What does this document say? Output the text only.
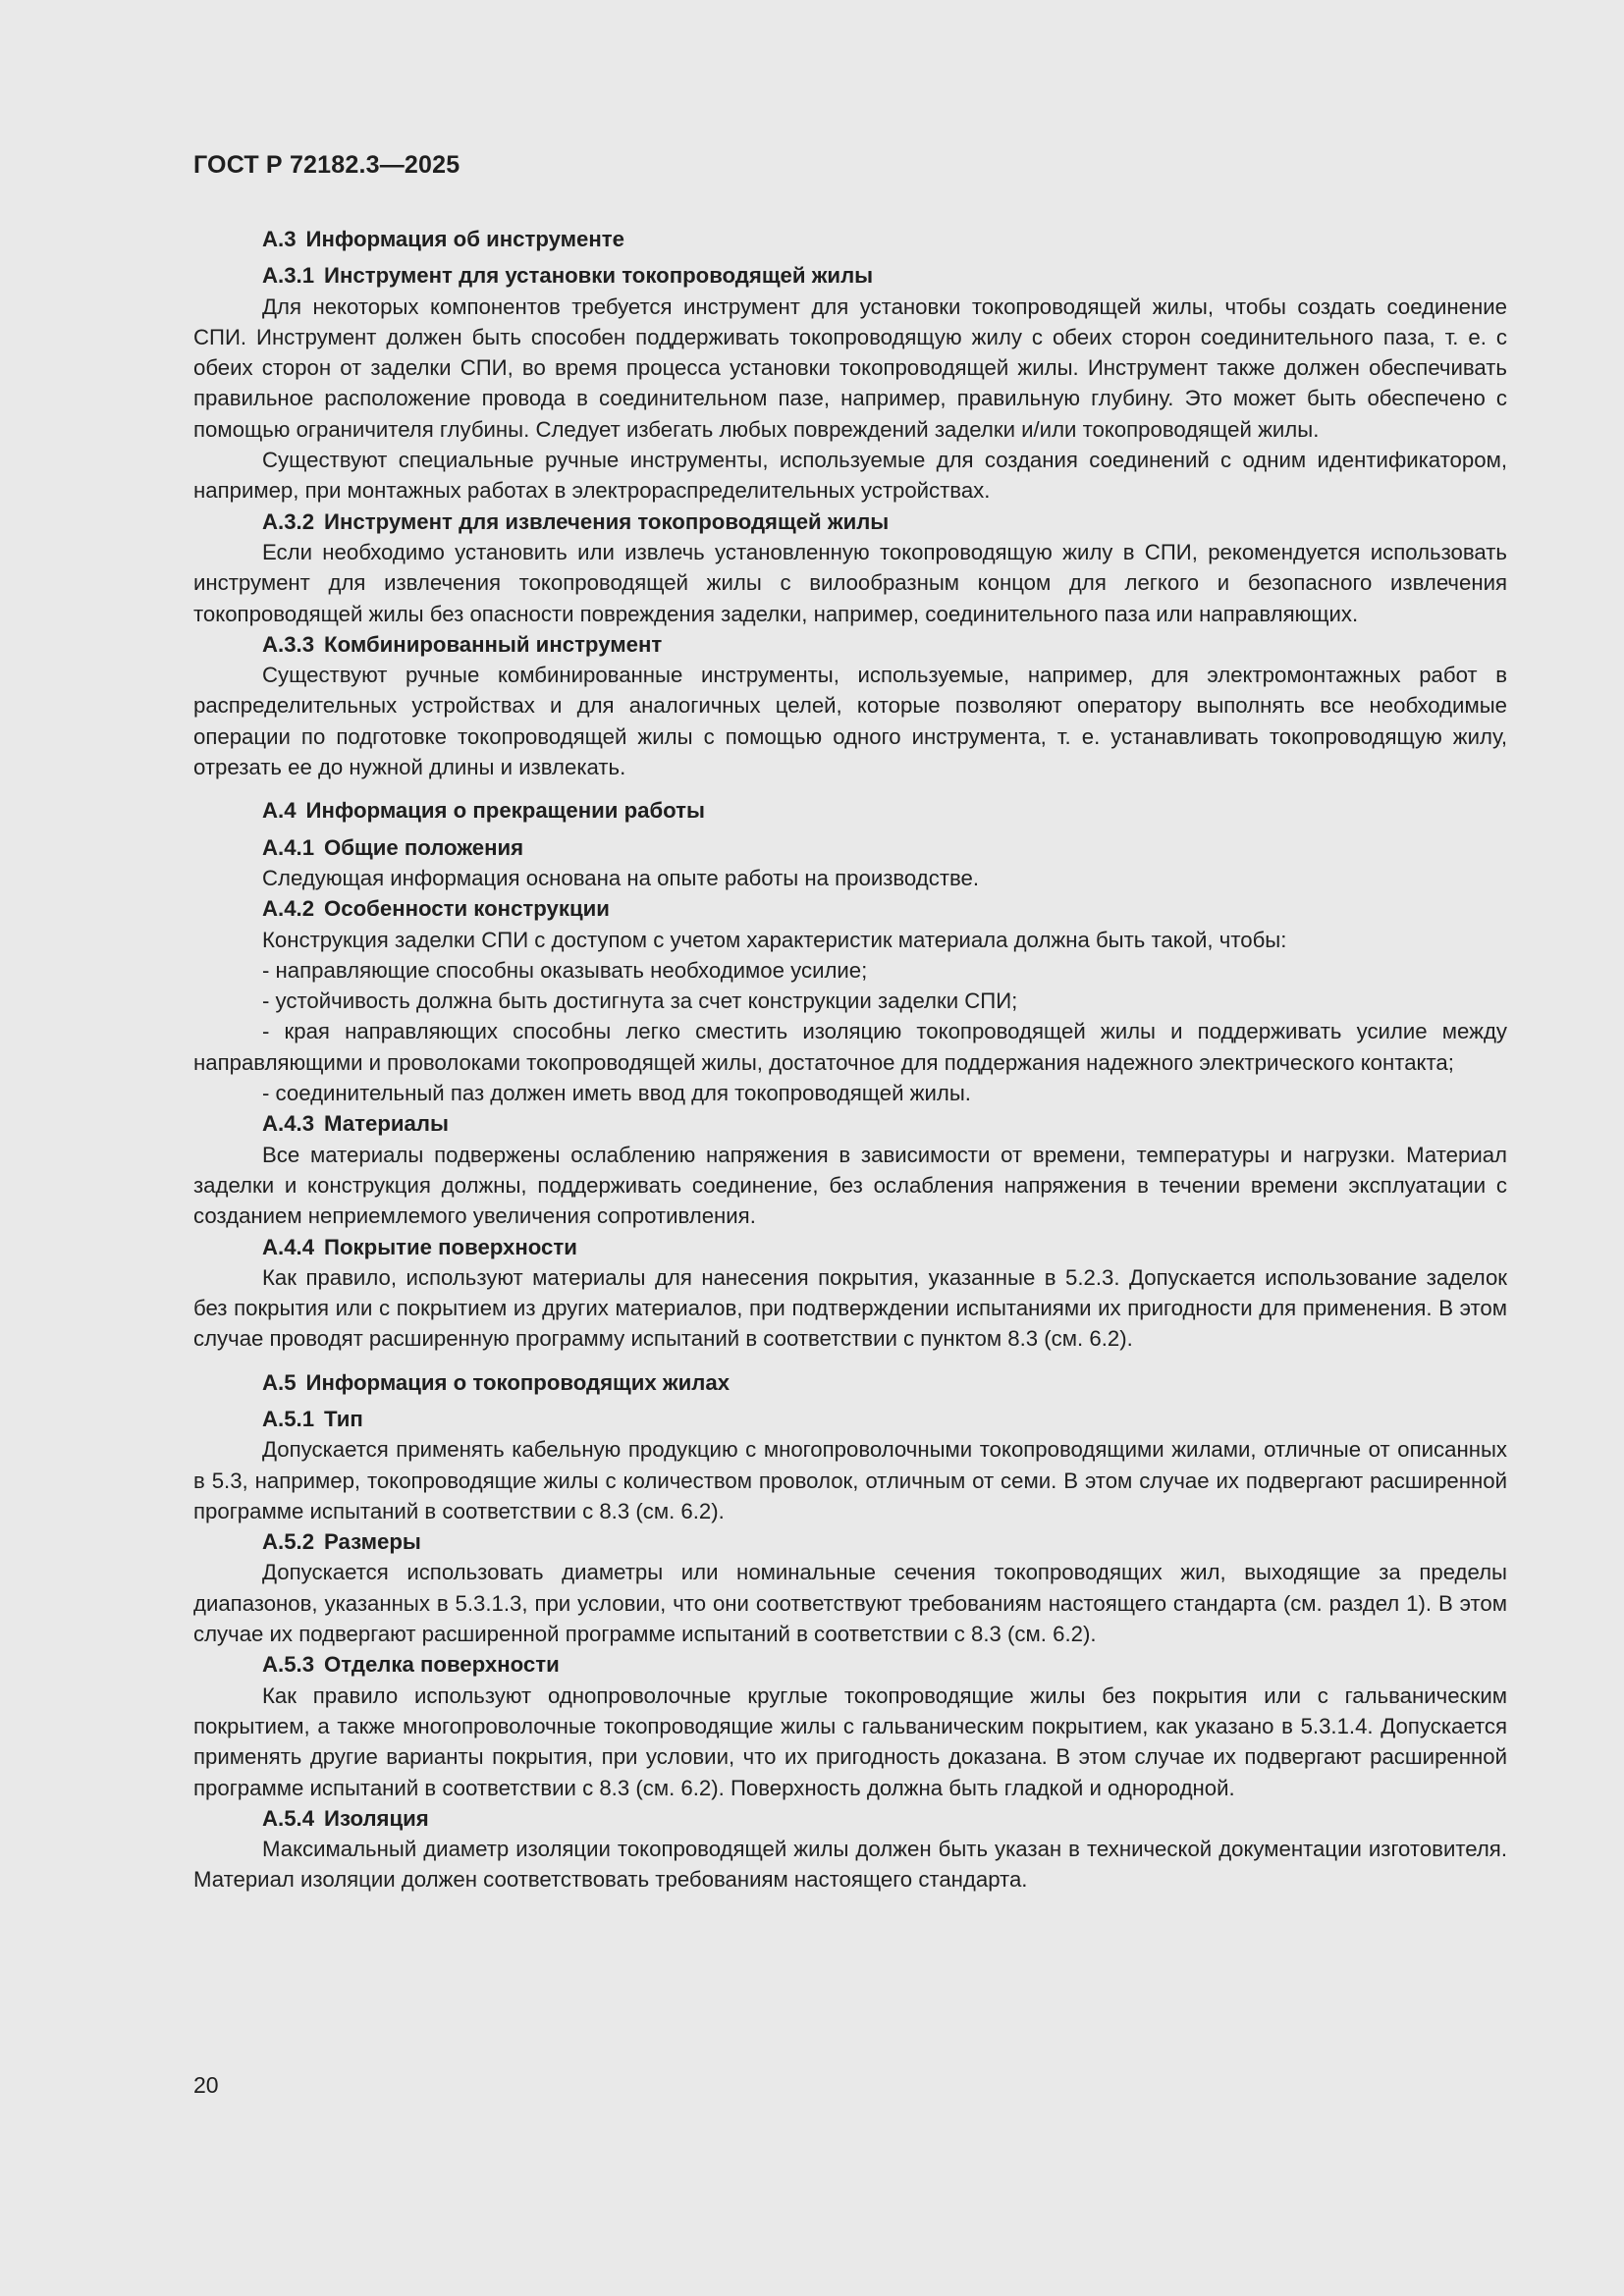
ГОСТ Р 72182.3—2025
A.3 Информация об инструменте
A.3.1 Инструмент для установки токопроводящей жилы

Для некоторых компонентов требуется инструмент для установки токопроводящей жилы, чтобы создать соединение СПИ. Инструмент должен быть способен поддерживать токопроводящую жилу с обеих сторон соединительного паза, т. е. с обеих сторон от заделки СПИ, во время процесса установки токопроводящей жилы. Инструмент также должен обеспечивать правильное расположение провода в соединительном пазе, например, правильную глубину. Это может быть обеспечено с помощью ограничителя глубины. Следует избегать любых повреждений заделки и/или токопроводящей жилы.

Существуют специальные ручные инструменты, используемые для создания соединений с одним идентификатором, например, при монтажных работах в электрораспределительных устройствах.

A.3.2 Инструмент для извлечения токопроводящей жилы

Если необходимо установить или извлечь установленную токопроводящую жилу в СПИ, рекомендуется использовать инструмент для извлечения токопроводящей жилы с вилообразным концом для легкого и безопасного извлечения токопроводящей жилы без опасности повреждения заделки, например, соединительного паза или направляющих.

A.3.3 Комбинированный инструмент

Существуют ручные комбинированные инструменты, используемые, например, для электромонтажных работ в распределительных устройствах и для аналогичных целей, которые позволяют оператору выполнять все необходимые операции по подготовке токопроводящей жилы с помощью одного инструмента, т. е. устанавливать токопроводящую жилу, отрезать ее до нужной длины и извлекать.

A.4 Информация о прекращении работы
A.4.1 Общие положения

Следующая информация основана на опыте работы на производстве.

A.4.2 Особенности конструкции

Конструкция заделки СПИ с доступом с учетом характеристик материала должна быть такой, чтобы:

- направляющие способны оказывать необходимое усилие;

- устойчивость должна быть достигнута за счет конструкции заделки СПИ;

- края направляющих способны легко сместить изоляцию токопроводящей жилы и поддерживать усилие между направляющими и проволоками токопроводящей жилы, достаточное для поддержания надежного электрического контакта;

- соединительный паз должен иметь ввод для токопроводящей жилы.

A.4.3 Материалы

Все материалы подвержены ослаблению напряжения в зависимости от времени, температуры и нагрузки. Материал заделки и конструкция должны, поддерживать соединение, без ослабления напряжения в течении времени эксплуатации с созданием неприемлемого увеличения сопротивления.

A.4.4 Покрытие поверхности

Как правило, используют материалы для нанесения покрытия, указанные в 5.2.3. Допускается использование заделок без покрытия или с покрытием из других материалов, при подтверждении испытаниями их пригодности для применения. В этом случае проводят расширенную программу испытаний в соответствии с пунктом 8.3 (см. 6.2).

A.5 Информация о токопроводящих жилах
A.5.1 Тип

Допускается применять кабельную продукцию с многопроволочными токопроводящими жилами, отличные от описанных в 5.3, например, токопроводящие жилы с количеством проволок, отличным от семи. В этом случае их подвергают расширенной программе испытаний в соответствии с 8.3 (см. 6.2).

A.5.2 Размеры

Допускается использовать диаметры или номинальные сечения токопроводящих жил, выходящие за пределы диапазонов, указанных в 5.3.1.3, при условии, что они соответствуют требованиям настоящего стандарта (см. раздел 1). В этом случае их подвергают расширенной программе испытаний в соответствии с 8.3 (см. 6.2).

A.5.3 Отделка поверхности

Как правило используют однопроволочные круглые токопроводящие жилы без покрытия или с гальваническим покрытием, а также многопроволочные токопроводящие жилы с гальваническим покрытием, как указано в 5.3.1.4. Допускается применять другие варианты покрытия, при условии, что их пригодность доказана. В этом случае их подвергают расширенной программе испытаний в соответствии с 8.3 (см. 6.2). Поверхность должна быть гладкой и однородной.

A.5.4 Изоляция

Максимальный диаметр изоляции токопроводящей жилы должен быть указан в технической документации изготовителя. Материал изоляции должен соответствовать требованиям настоящего стандарта.

20
